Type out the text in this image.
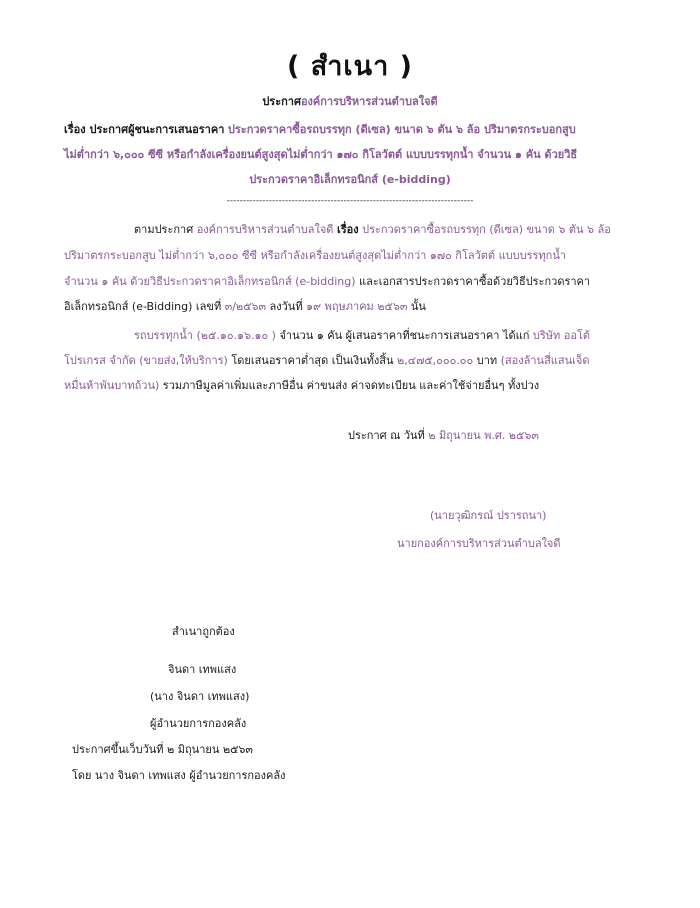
( สำเนา )
ประกาศองค์การบริหารส่วนตำบลใจดี
เรื่อง ประกาศผู้ชนะการเสนอราคา ประกวดราคาซื้อรถบรรทุก (ดีเซล) ขนาด ๖ ตัน ๖ ล้อ ปริมาตรกระบอกสูบ
ไม่ต่ำกว่า ๖,๐๐๐ ซีซี หรือกำลังเครื่องยนต์สูงสุดไม่ต่ำกว่า ๑๗๐ กิโลวัตต์ แบบบรรทุกน้ำ จำนวน ๑ คัน ด้วยวิธี
ประกวดราคาอิเล็กทรอนิกส์ (e-bidding)
----------------------------------------------------------------------------
ตามประกาศ องค์การบริหารส่วนตำบลใจดี เรื่อง ประกวดราคาซื้อรถบรรทุก (ดีเซล) ขนาด ๖ ตัน ๖ ล้อ
ปริมาตรกระบอกสูบ ไม่ต่ำกว่า ๖,๐๐๐ ซีซี หรือกำลังเครื่องยนต์สูงสุดไม่ต่ำกว่า ๑๗๐ กิโลวัตต์ แบบบรรทุกน้ำ
จำนวน ๑ คัน ด้วยวิธีประกวดราคาอิเล็กทรอนิกส์ (e-bidding) และเอกสารประกวดราคาซื้อด้วยวิธีประกวดราคา
อิเล็กทรอนิกส์ (e-Bidding) เลขที่ ๓/๒๕๖๓ ลงวันที่ ๑๙ พฤษภาคม ๒๕๖๓ นั้น
รถบรรทุกน้ำ (๒๕.๑๐.๑๖.๑๐ ) จำนวน ๑ คัน ผู้เสนอราคาที่ชนะการเสนอราคา ได้แก่ บริษัท ออโต้
โปรเกรส จำกัด (ขายส่ง,ให้บริการ) โดยเสนอราคาต่ำสุด เป็นเงินทั้งสิ้น ๒,๔๗๕,๐๐๐.๐๐ บาท (สองล้านสี่แสนเจ็ด
หมื่นห้าพันบาทถ้วน) รวมภาษีมูลค่าเพิ่มและภาษีอื่น ค่าขนส่ง ค่าจดทะเบียน และค่าใช้จ่ายอื่นๆ ทั้งปวง
ประกาศ ณ วันที่ ๒ มิถุนายน พ.ศ. ๒๕๖๓
(นายวุฒิกรณ์ ปรารถนา)
นายกองค์การบริหารส่วนตำบลใจดี
สำเนาถูกต้อง
จินดา เทพแสง
(นาง จินดา เทพแสง)
ผู้อำนวยการกองคลัง
ประกาศขึ้นเว็บวันที่ ๒ มิถุนายน ๒๕๖๓
โดย นาง จินดา เทพแสง ผู้อำนวยการกองคลัง
